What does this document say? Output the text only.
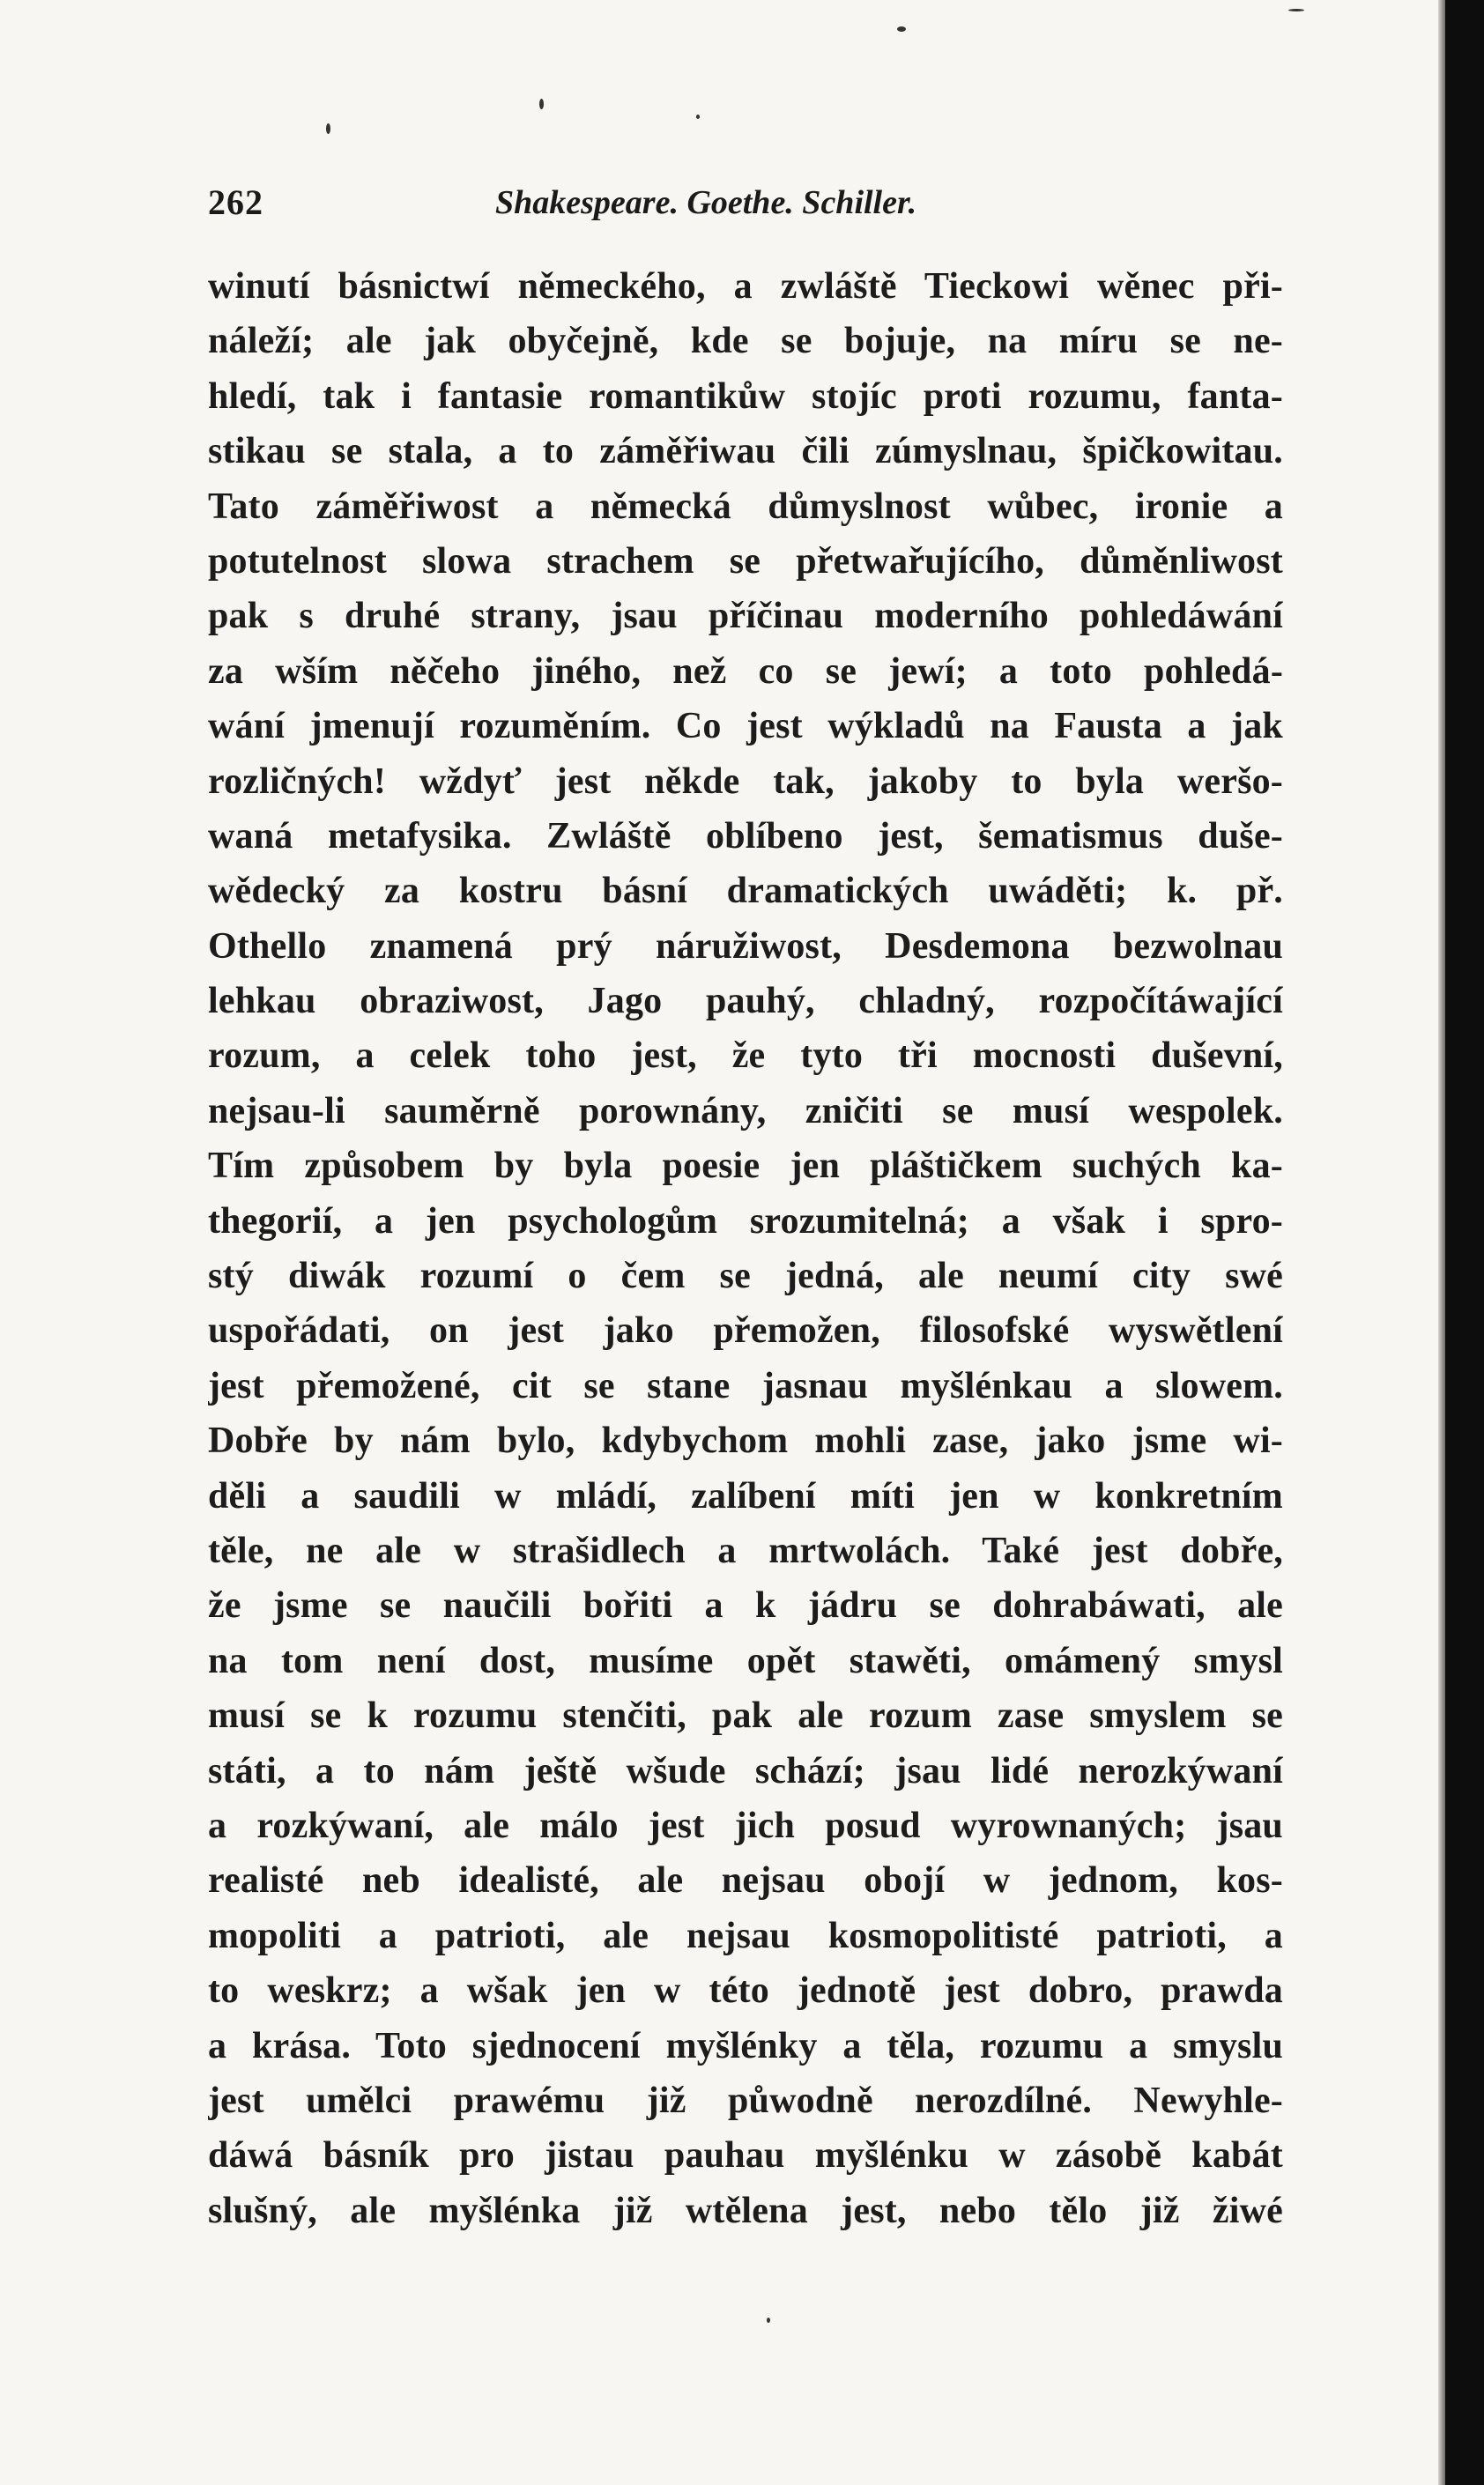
262	Shakespeare. Goethe. Schiller.
winutí básnictwí německého, a zwláště Tieckowi wěnec při-
náleží; ale jak obyčejně, kde se bojuje, na míru se ne-
hledí, tak i fantasie romantikůw stojíc proti rozumu, fanta-
stikau se stala, a to záměřiwau čili zúmyslnau, špičkowitau.
Tato záměřiwost a německá důmyslnost wůbec, ironie a
potutelnost slowa strachem se přetwařujícího, důměnliwost
pak s druhé strany, jsau příčinau moderního pohledáwání
za wším něčeho jiného, než co se jewí; a toto pohledá-
wání jmenují rozuměním. Co jest wýkladů na Fausta a jak
rozličných! wždyť jest někde tak, jakoby to byla weršo-
waná metafysika. Zwláště oblíbeno jest, šematismus duše-
wědecký za kostru básní dramatických uwáděti; k. př.
Othello znamená prý náružiwost, Desdemona bezwolnau
lehkau obraziwost, Jago pauhý, chladný, rozpočítáwající
rozum, a celek toho jest, že tyto tři mocnosti duševní,
nejsau-li sauměrně porownány, zničiti se musí wespolek.
Tím způsobem by byla poesie jen pláštičkem suchých ka-
thegorií, a jen psychologům srozumitelná; a však i spro-
stý diwák rozumí o čem se jedná, ale neumí city swé
uspořádati, on jest jako přemožen, filosofské wyswětlení
jest přemožené, cit se stane jasnau myšlénkau a slowem.
Dobře by nám bylo, kdybychom mohli zase, jako jsme wi-
děli a saudili w mládí, zalíbení míti jen w konkretním
těle, ne ale w strašidlech a mrtwolách. Také jest dobře,
že jsme se naučili bořiti a k jádru se dohrabáwati, ale
na tom není dost, musíme opět stawěti, omámený smysl
musí se k rozumu stenčiti, pak ale rozum zase smyslem se
státi, a to nám ještě wšude schází; jsau lidé nerozkýwaní
a rozkýwaní, ale málo jest jich posud wyrownaných; jsau
realisté neb idealisté, ale nejsau obojí w jednom, kos-
mopoliti a patrioti, ale nejsau kosmopolitisté patrioti, a
to weskrz; a wšak jen w této jednotě jest dobro, prawda
a krása. Toto sjednocení myšlénky a těla, rozumu a smyslu
jest umělci prawému již půwodně nerozdílné. Newyhle-
dáwá básník pro jistau pauhau myšlénku w zásobě kabát
slušný, ale myšlénka již wtělena jest, nebo tělo již žiwé
